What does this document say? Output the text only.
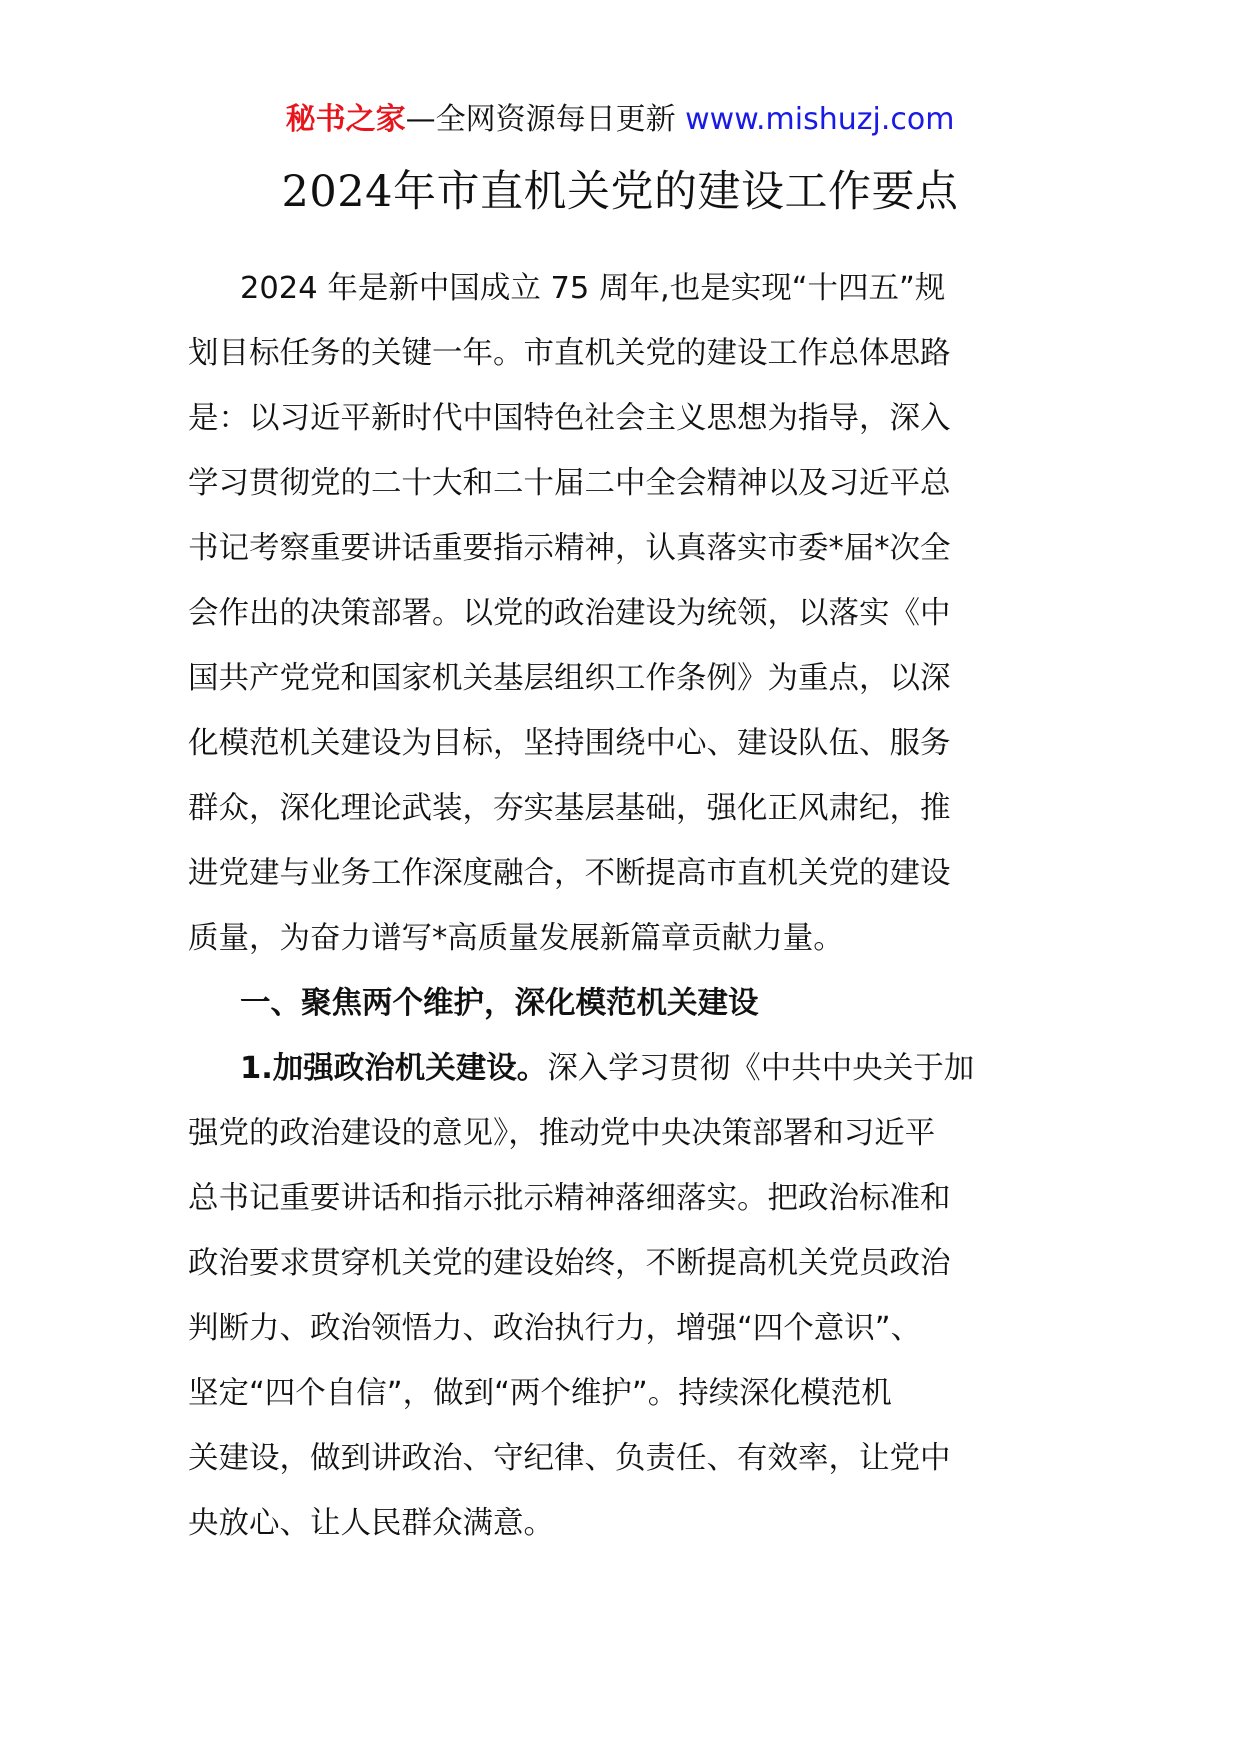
秘书之家—全网资源每日更新 www.mishuzj.com
2024年市直机关党的建设工作要点
2024 年是新中国成立 75 周年,也是实现“十四五”规
划目标任务的关键一年。市直机关党的建设工作总体思路
是：以习近平新时代中国特色社会主义思想为指导，深入
学习贯彻党的二十大和二十届二中全会精神以及习近平总
书记考察重要讲话重要指示精神，认真落实市委*届*次全
会作出的决策部署。以党的政治建设为统领，以落实《中
国共产党党和国家机关基层组织工作条例》为重点，以深
化模范机关建设为目标，坚持围绕中心、建设队伍、服务
群众，深化理论武装，夯实基层基础，强化正风肃纪，推
进党建与业务工作深度融合，不断提高市直机关党的建设
质量，为奋力谱写*高质量发展新篇章贡献力量。
一、聚焦两个维护，深化模范机关建设
1.加强政治机关建设。深入学习贯彻《中共中央关于加
强党的政治建设的意见》，推动党中央决策部署和习近平
总书记重要讲话和指示批示精神落细落实。把政治标准和
政治要求贯穿机关党的建设始终，不断提高机关党员政治
判断力、政治领悟力、政治执行力，增强“四个意识”、
坚定“四个自信”，做到“两个维护”。持续深化模范机
关建设，做到讲政治、守纪律、负责任、有效率，让党中
央放心、让人民群众满意。
